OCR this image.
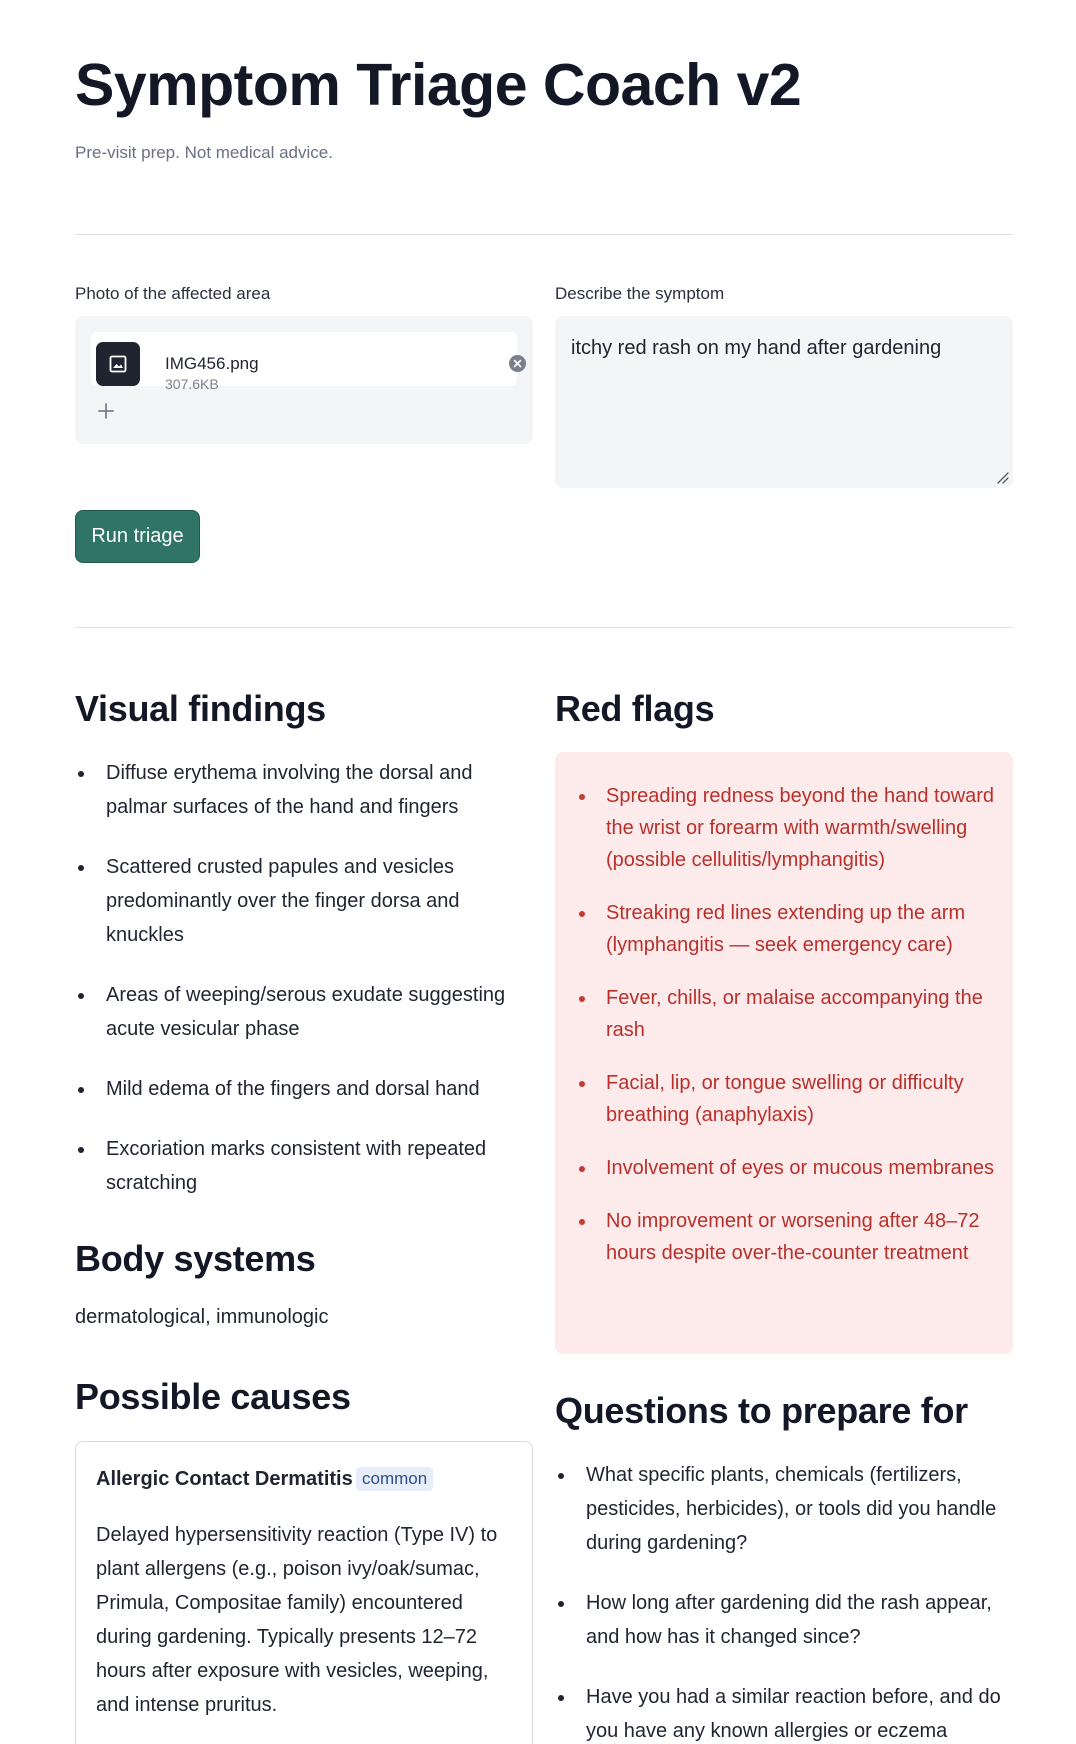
Symptom Triage Coach v2
Pre-visit prep. Not medical advice.
Photo of the affected area
IMG456.png
307.6KB
Describe the symptom
itchy red rash on my hand after gardening
Run triage
Visual findings
Diffuse erythema involving the dorsal and palmar surfaces of the hand and fingers
Scattered crusted papules and vesicles predominantly over the finger dorsa and knuckles
Areas of weeping/serous exudate suggesting acute vesicular phase
Mild edema of the fingers and dorsal hand
Excoriation marks consistent with repeated scratching
Body systems
dermatological, immunologic
Possible causes
Allergic Contact Dermatitis common
Delayed hypersensitivity reaction (Type IV) to plant allergens (e.g., poison ivy/oak/sumac, Primula, Compositae family) encountered during gardening. Typically presents 12–72 hours after exposure with vesicles, weeping, and intense pruritus.
Red flags
Spreading redness beyond the hand toward the wrist or forearm with warmth/swelling (possible cellulitis/lymphangitis)
Streaking red lines extending up the arm (lymphangitis — seek emergency care)
Fever, chills, or malaise accompanying the rash
Facial, lip, or tongue swelling or difficulty breathing (anaphylaxis)
Involvement of eyes or mucous membranes
No improvement or worsening after 48–72 hours despite over-the-counter treatment
Questions to prepare for
What specific plants, chemicals (fertilizers, pesticides, herbicides), or tools did you handle during gardening?
How long after gardening did the rash appear, and how has it changed since?
Have you had a similar reaction before, and do you have any known allergies or eczema
